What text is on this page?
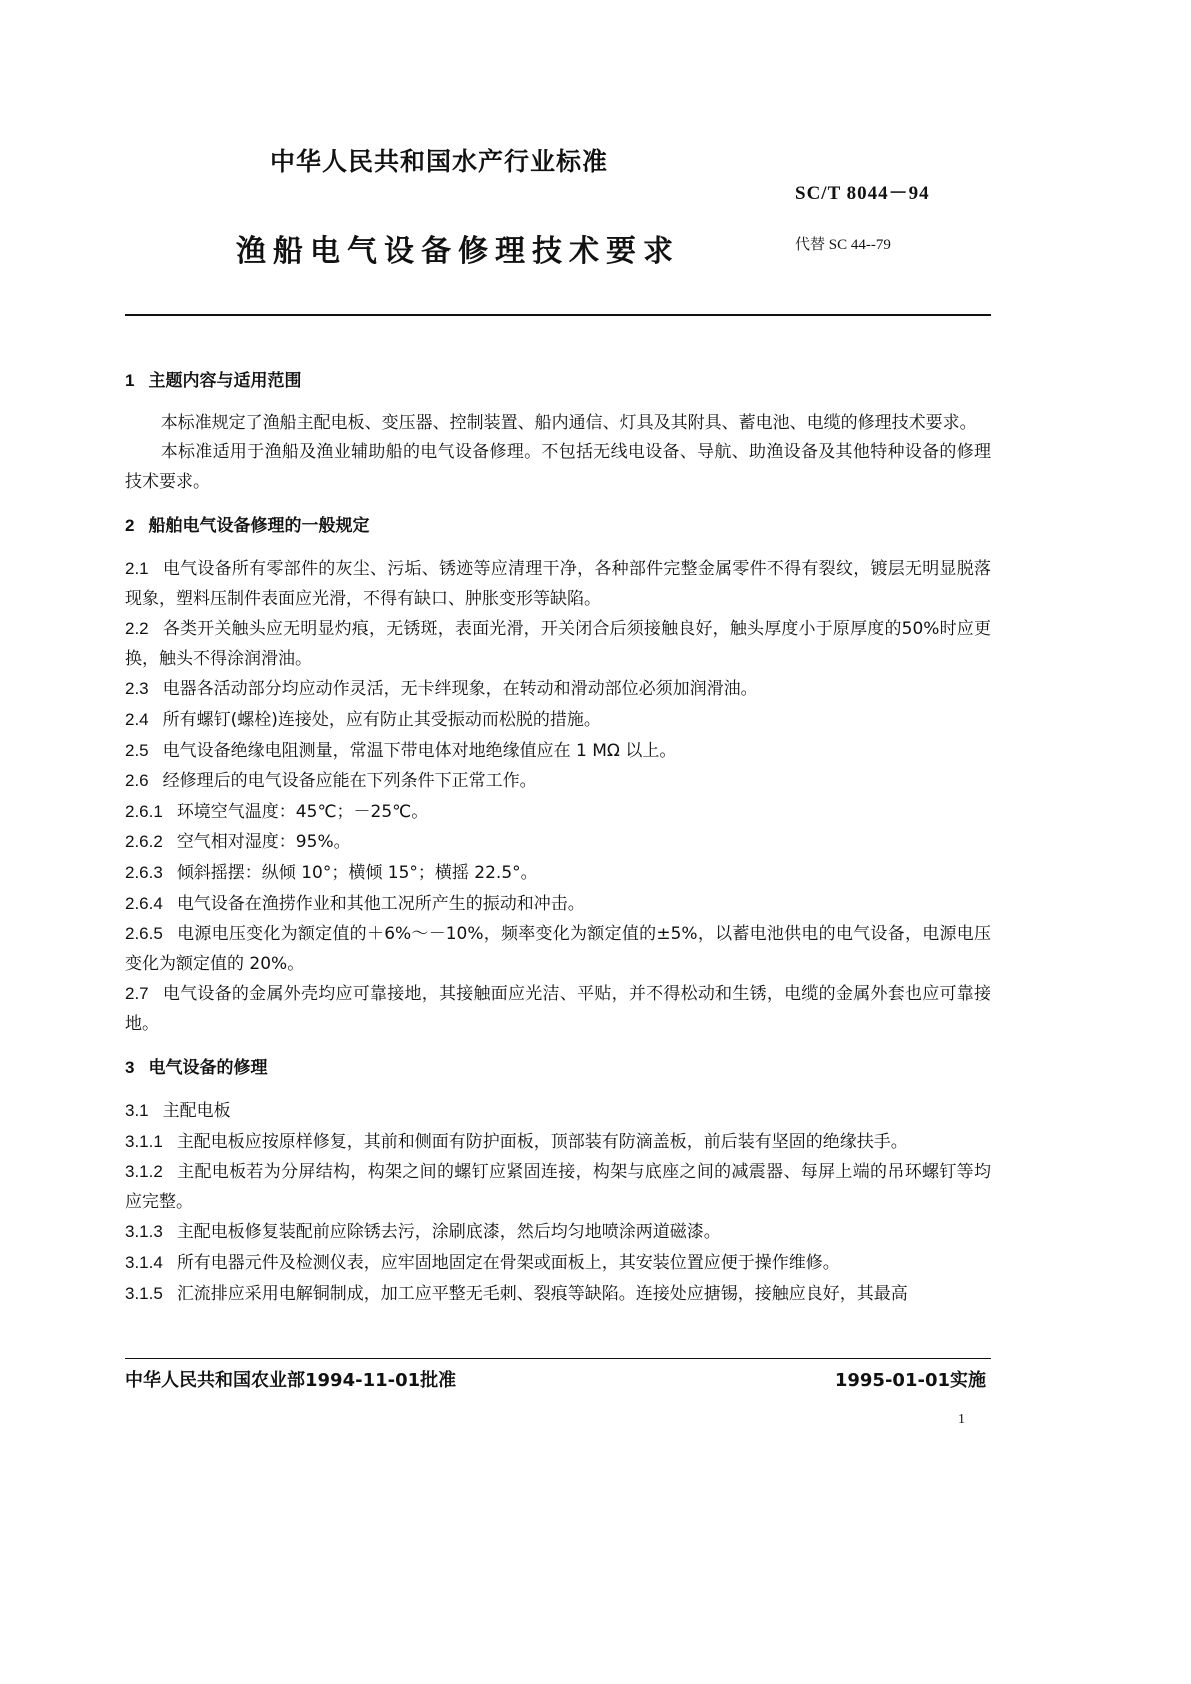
中华人民共和国水产行业标准
SC/T 8044－94
渔船电气设备修理技术要求	代替 SC 44--79

1 主题内容与适用范围

本标准规定了渔船主配电板、变压器、控制装置、船内通信、灯具及其附具、蓄电池、电缆的修理技术要求。

本标准适用于渔船及渔业辅助船的电气设备修理。不包括无线电设备、导航、助渔设备及其他特种设备的修理技术要求。

2 船舶电气设备修理的一般规定

2.1 电气设备所有零部件的灰尘、污垢、锈迹等应清理干净，各种部件完整金属零件不得有裂纹，镀层无明显脱落现象，塑料压制件表面应光滑，不得有缺口、肿胀变形等缺陷。

2.2 各类开关触头应无明显灼痕，无锈斑，表面光滑，开关闭合后须接触良好，触头厚度小于原厚度的50%时应更换，触头不得涂润滑油。

2.3 电器各活动部分均应动作灵活，无卡绊现象，在转动和滑动部位必须加润滑油。

2.4 所有螺钉(螺栓)连接处，应有防止其受振动而松脱的措施。

2.5 电气设备绝缘电阻测量，常温下带电体对地绝缘值应在 1 MΩ 以上。

2.6 经修理后的电气设备应能在下列条件下正常工作。

2.6.1 环境空气温度：45℃；－25℃。

2.6.2 空气相对湿度：95%。

2.6.3 倾斜摇摆：纵倾 10°；横倾 15°；横摇 22.5°。

2.6.4 电气设备在渔捞作业和其他工况所产生的振动和冲击。

2.6.5 电源电压变化为额定值的＋6%～－10%，频率变化为额定值的±5%，以蓄电池供电的电气设备，电源电压变化为额定值的 20%。

2.7 电气设备的金属外壳均应可靠接地，其接触面应光洁、平贴，并不得松动和生锈，电缆的金属外套也应可靠接地。

3 电气设备的修理

3.1 主配电板

3.1.1 主配电板应按原样修复，其前和侧面有防护面板，顶部装有防滴盖板，前后装有坚固的绝缘扶手。

3.1.2 主配电板若为分屏结构，构架之间的螺钉应紧固连接，构架与底座之间的减震器、每屏上端的吊环螺钉等均应完整。

3.1.3 主配电板修复装配前应除锈去污，涂刷底漆，然后均匀地喷涂两道磁漆。

3.1.4 所有电器元件及检测仪表，应牢固地固定在骨架或面板上，其安装位置应便于操作维修。

3.1.5 汇流排应采用电解铜制成，加工应平整无毛刺、裂痕等缺陷。连接处应搪锡，接触应良好，其最高

中华人民共和国农业部1994-11-01批准	1995-01-01实施
1
